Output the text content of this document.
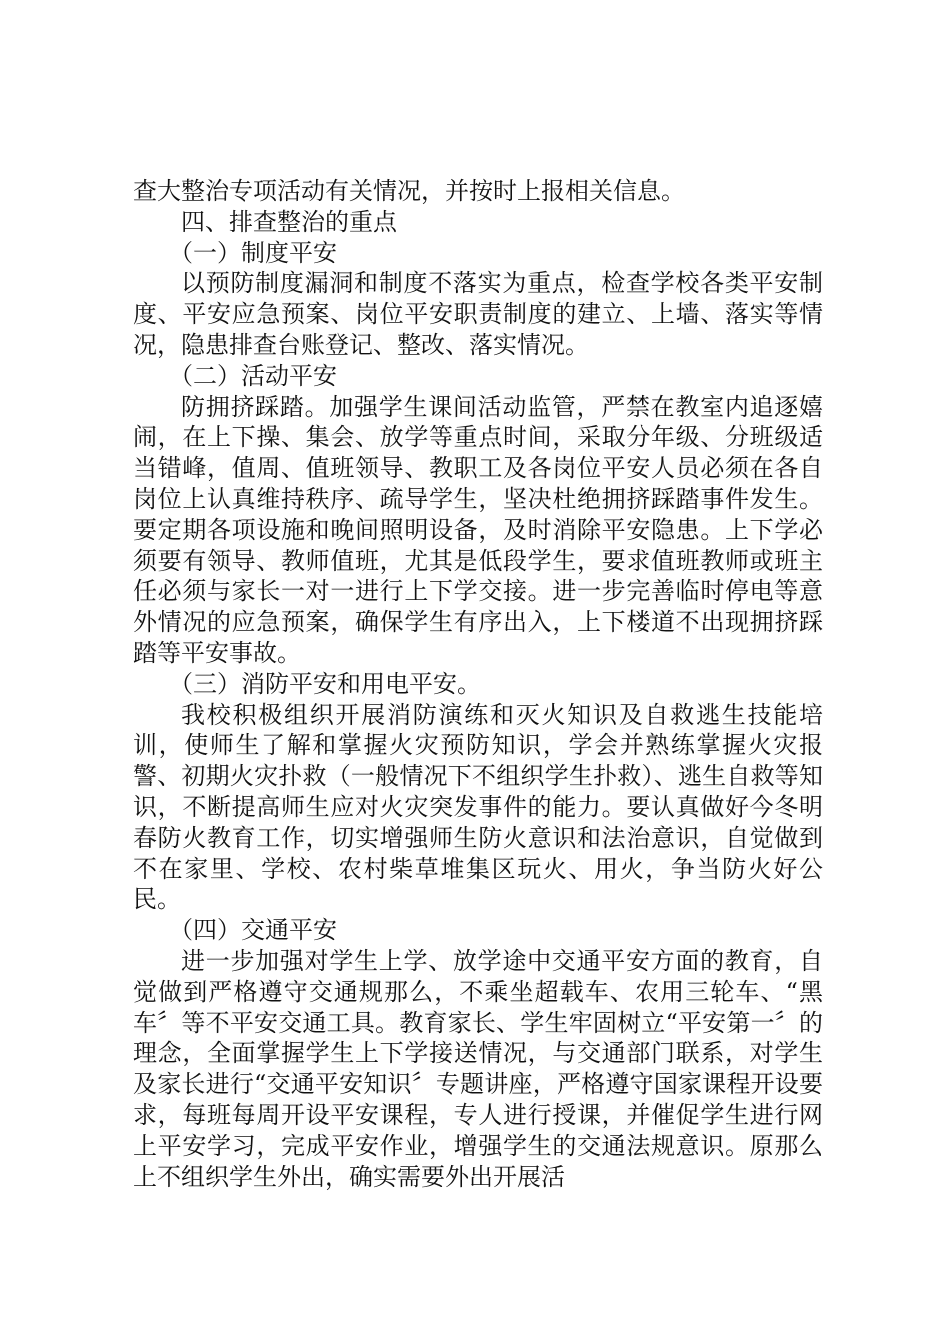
查大整治专项活动有关情况，并按时上报相关信息。

四、排查整治的重点

（一）制度平安

以预防制度漏洞和制度不落实为重点，检查学校各类平安制度、平安应急预案、岗位平安职责制度的建立、上墙、落实等情况，隐患排查台账登记、整改、落实情况。

（二）活动平安

防拥挤踩踏。加强学生课间活动监管，严禁在教室内追逐嬉闹，在上下操、集会、放学等重点时间，采取分年级、分班级适当错峰，值周、值班领导、教职工及各岗位平安人员必须在各自岗位上认真维持秩序、疏导学生，坚决杜绝拥挤踩踏事件发生。要定期各项设施和晚间照明设备，及时消除平安隐患。上下学必须要有领导、教师值班，尤其是低段学生，要求值班教师或班主任必须与家长一对一进行上下学交接。进一步完善临时停电等意外情况的应急预案，确保学生有序出入，上下楼道不出现拥挤踩踏等平安事故。

（三）消防平安和用电平安。

我校积极组织开展消防演练和灭火知识及自救逃生技能培训，使师生了解和掌握火灾预防知识，学会并熟练掌握火灾报警、初期火灾扑救（一般情况下不组织学生扑救）、逃生自救等知识，不断提高师生应对火灾突发事件的能力。要认真做好今冬明春防火教育工作，切实增强师生防火意识和法治意识，自觉做到不在家里、学校、农村柴草堆集区玩火、用火，争当防火好公民。

（四）交通平安

进一步加强对学生上学、放学途中交通平安方面的教育，自觉做到严格遵守交通规那么，不乘坐超载车、农用三轮车、“黑车〞等不平安交通工具。教育家长、学生牢固树立“平安第一〞的理念，全面掌握学生上下学接送情况，与交通部门联系，对学生及家长进行“交通平安知识〞专题讲座，严格遵守国家课程开设要求，每班每周开设平安课程，专人进行授课，并催促学生进行网上平安学习，完成平安作业，增强学生的交通法规意识。原那么上不组织学生外出，确实需要外出开展活
